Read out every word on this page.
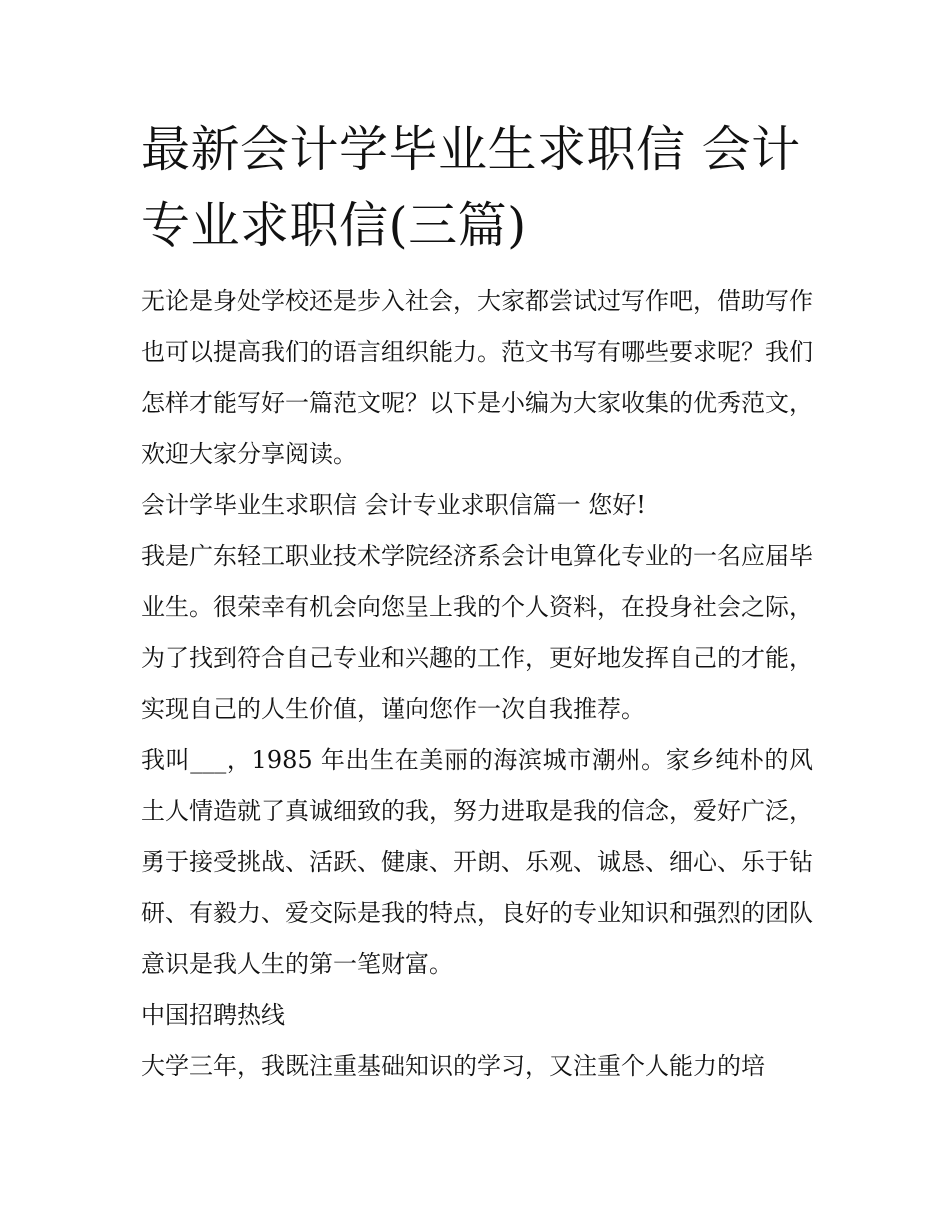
最新会计学毕业生求职信 会计专业求职信(三篇)

无论是身处学校还是步入社会，大家都尝试过写作吧，借助写作也可以提高我们的语言组织能力。范文书写有哪些要求呢？我们怎样才能写好一篇范文呢？以下是小编为大家收集的优秀范文，欢迎大家分享阅读。

会计学毕业生求职信 会计专业求职信篇一 您好!

我是广东轻工职业技术学院经济系会计电算化专业的一名应届毕业生。很荣幸有机会向您呈上我的个人资料，在投身社会之际，为了找到符合自己专业和兴趣的工作，更好地发挥自己的才能，实现自己的人生价值，谨向您作一次自我推荐。

我叫___，1985 年出生在美丽的海滨城市潮州。家乡纯朴的风土人情造就了真诚细致的我，努力进取是我的信念，爱好广泛，勇于接受挑战、活跃、健康、开朗、乐观、诚恳、细心、乐于钻研、有毅力、爱交际是我的特点，良好的专业知识和强烈的团队意识是我人生的第一笔财富。

中国招聘热线

大学三年，我既注重基础知识的学习，又注重个人能力的培
